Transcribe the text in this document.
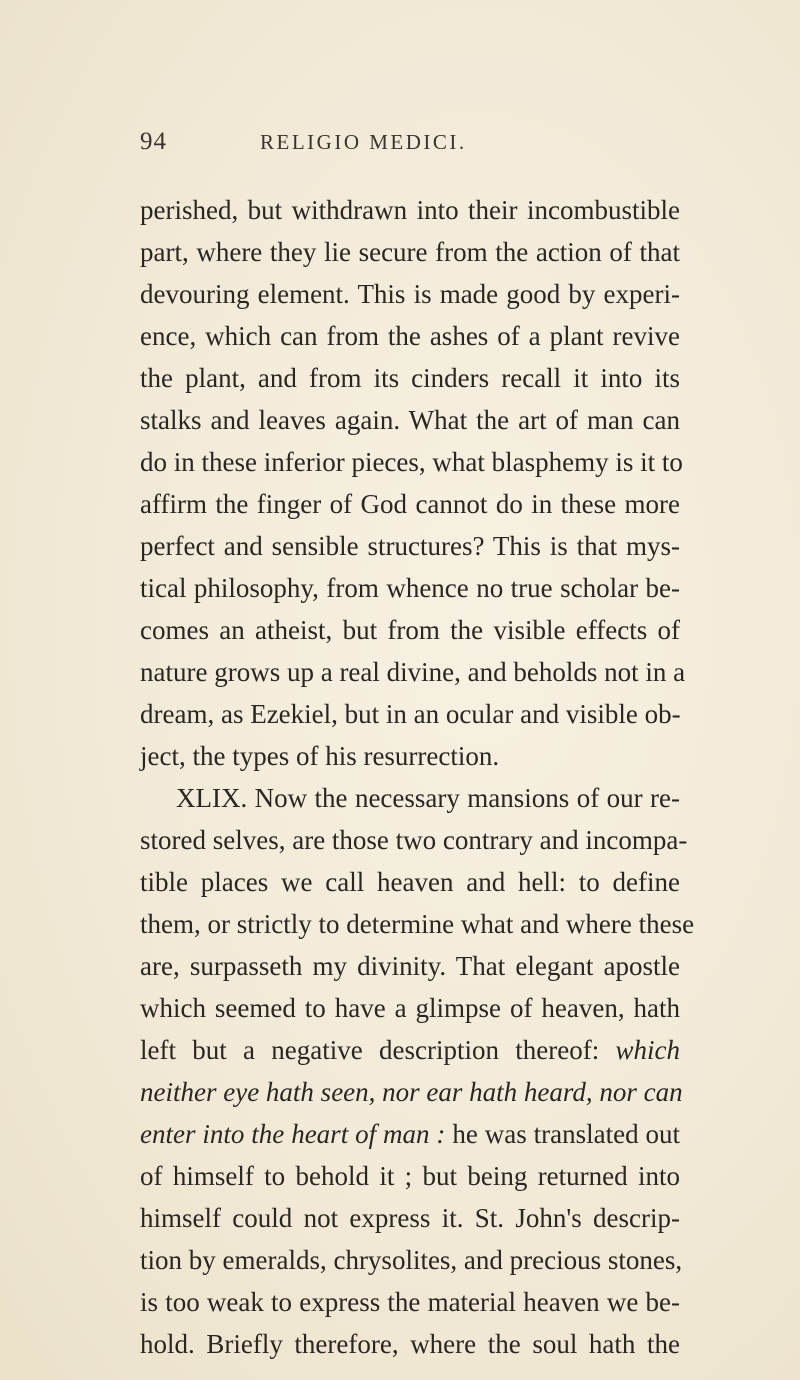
94	RELIGIO MEDICI.
perished, but withdrawn into their incombustible
part, where they lie secure from the action of that
devouring element. This is made good by experi-
ence, which can from the ashes of a plant revive
the plant, and from its cinders recall it into its
stalks and leaves again. What the art of man can
do in these inferior pieces, what blasphemy is it to
affirm the finger of God cannot do in these more
perfect and sensible structures? This is that mys-
tical philosophy, from whence no true scholar be-
comes an atheist, but from the visible effects of
nature grows up a real divine, and beholds not in a
dream, as Ezekiel, but in an ocular and visible ob-
ject, the types of his resurrection.
XLIX. Now the necessary mansions of our re-
stored selves, are those two contrary and incompa-
tible places we call heaven and hell: to define
them, or strictly to determine what and where these
are, surpasseth my divinity. That elegant apostle
which seemed to have a glimpse of heaven, hath
left but a negative description thereof: which
neither eye hath seen, nor ear hath heard, nor can
enter into the heart of man : he was translated out
of himself to behold it ; but being returned into
himself could not express it. St. John's descrip-
tion by emeralds, chrysolites, and precious stones,
is too weak to express the material heaven we be-
hold. Briefly therefore, where the soul hath the
